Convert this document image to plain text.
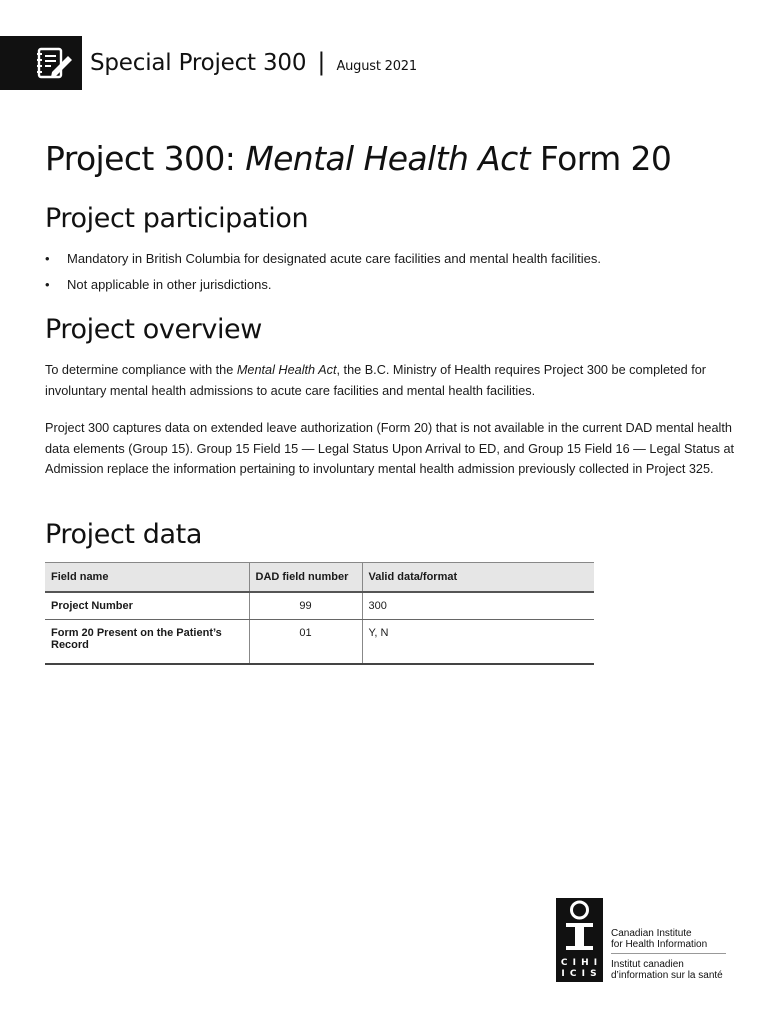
Special Project 300 | August 2021
Project 300: Mental Health Act Form 20
Project participation
• Mandatory in British Columbia for designated acute care facilities and mental health facilities.
• Not applicable in other jurisdictions.
Project overview

To determine compliance with the Mental Health Act, the B.C. Ministry of Health requires Project 300 be completed for involuntary mental health admissions to acute care facilities and mental health facilities.

Project 300 captures data on extended leave authorization (Form 20) that is not available in the current DAD mental health data elements (Group 15). Group 15 Field 15 — Legal Status Upon Arrival to ED, and Group 15 Field 16 — Legal Status at Admission replace the information pertaining to involuntary mental health admission previously collected in Project 325.

Project data
Field name	DAD field number	Valid data/format
Project Number	99	300
Form 20 Present on the Patient’s Record	01	Y, N
C I H I
I C I S
Canadian Institute
for Health Information
Institut canadien
d’information sur la santé
